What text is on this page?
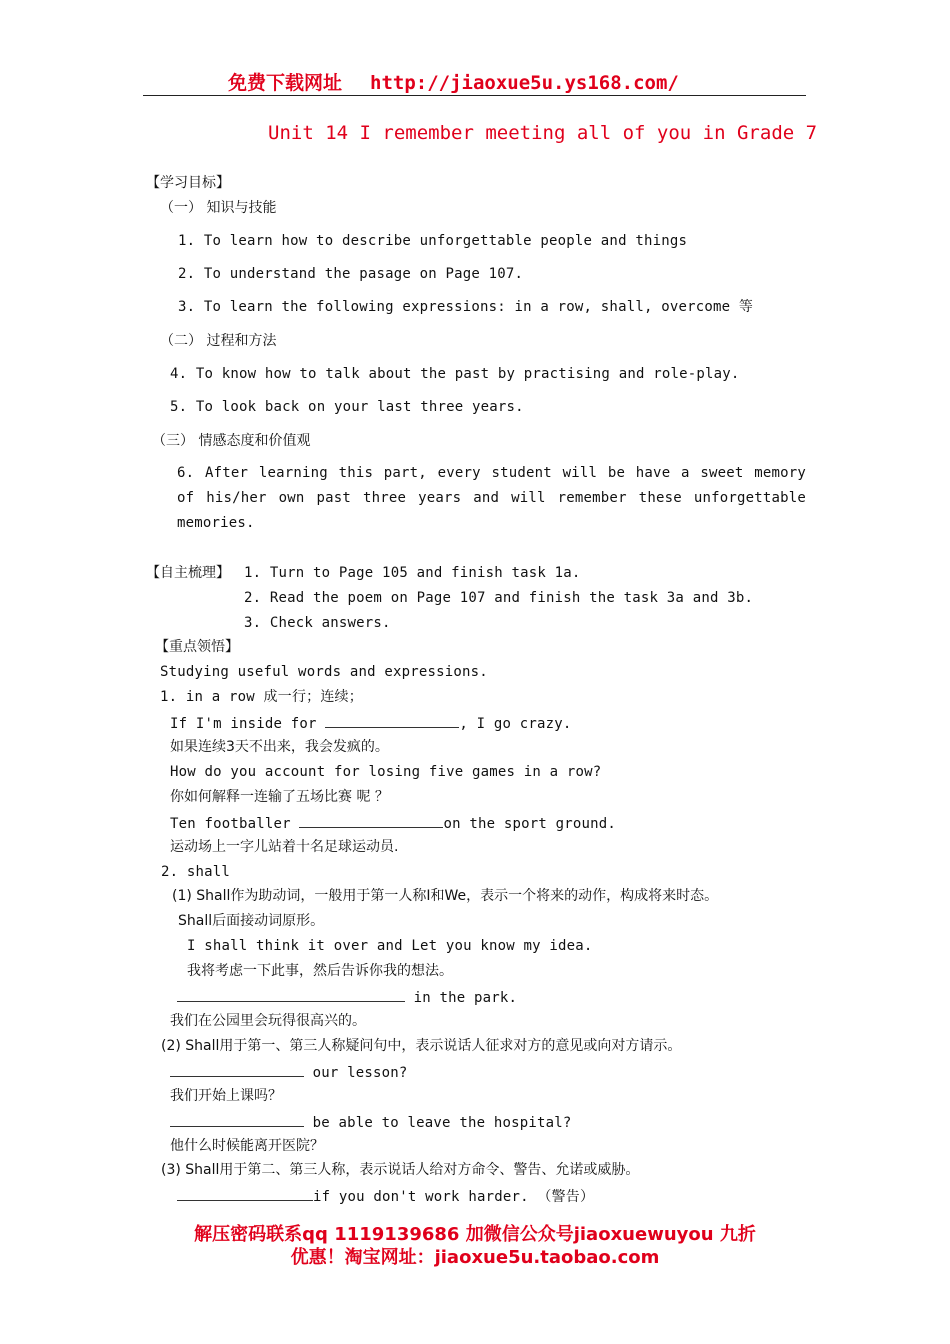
免费下载网址 http://jiaoxue5u.ys168.com/
Unit 14 I remember meeting all of you in Grade 7
【学习目标】
（一） 知识与技能
1. To learn how to describe unforgettable people and things
2. To understand the pasage on Page 107.
3. To learn the following expressions: in a row, shall, overcome 等
（二） 过程和方法
4. To know how to talk about the past by practising and role-play.
5. To look back on your last three years.
（三） 情感态度和价值观
6. After learning this part, every student will be have a sweet memory of his/her own past three years and will remember these unforgettable memories.
【自主梳理】 1. Turn to Page 105 and finish task 1a.
2. Read the poem on Page 107 and finish the task 3a and 3b.
3. Check answers.
【重点领悟】
Studying useful words and expressions.
1. in a row 成一行；连续；
If I'm inside for	, I go crazy.
如果连续3天不出来，我会发疯的。
How do you account for losing five games in a row?
你如何解释一连输了五场比赛 呢 ？
Ten footballer	on the sport ground.
运动场上一字儿站着十名足球运动员.
2. shall
(1) Shall作为助动词，一般用于第一人称I和We，表示一个将来的动作，构成将来时态。
Shall后面接动词原形。
I shall think it over and Let you know my idea.
我将考虑一下此事，然后告诉你我的想法。
in the park.
我们在公园里会玩得很高兴的。
(2) Shall用于第一、第三人称疑问句中，表示说话人征求对方的意见或向对方请示。
our lesson?
我们开始上课吗？
be able to leave the hospital?
他什么时候能离开医院？
(3) Shall用于第二、第三人称，表示说话人给对方命令、警告、允诺或威胁。
if you don't work harder. （警告）
解压密码联系qq 1119139686 加微信公众号jiaoxuewuyou 九折
优惠！淘宝网址：jiaoxue5u.taobao.com
